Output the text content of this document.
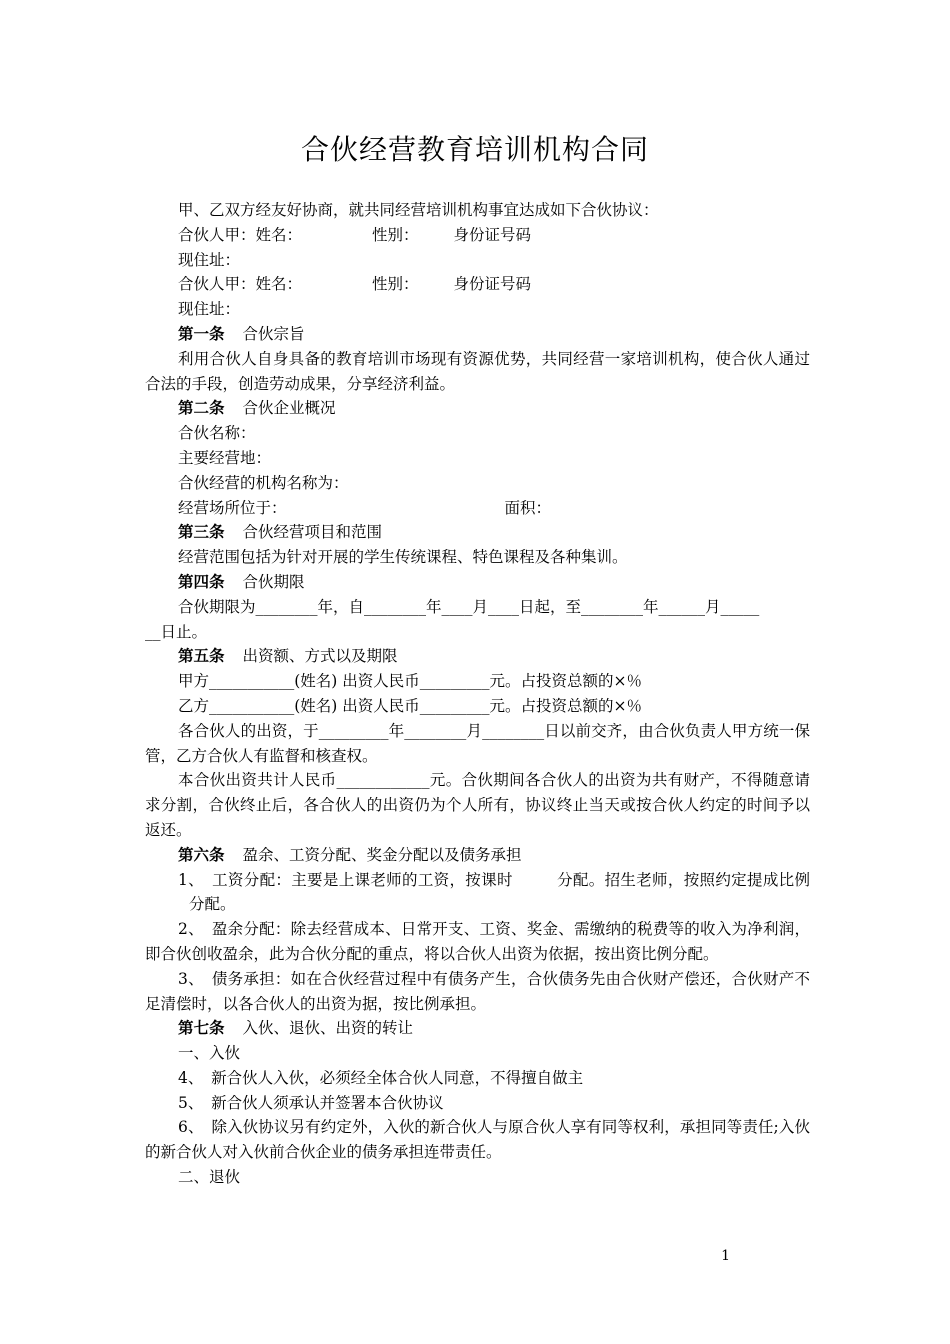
合伙经营教育培训机构合同

甲、乙双方经友好协商，就共同经营培训机构事宜达成如下合伙协议：

合伙人甲：姓名：	性别： 身份证号码

现住址：

合伙人甲：姓名：	性别： 身份证号码

现住址：

第一条 合伙宗旨

利用合伙人自身具备的教育培训市场现有资源优势，共同经营一家培训机构，使合伙人通过合法的手段，创造劳动成果，分享经济利益。

第二条 合伙企业概况

合伙名称：

主要经营地：

合伙经营的机构名称为：

经营场所位于：	面积：

第三条 合伙经营项目和范围

经营范围包括为针对开展的学生传统课程、特色课程及各种集训。

第四条 合伙期限

合伙期限为________年，自________年____月____日起，至________年______月_____

__日止。

第五条 出资额、方式以及期限

甲方___________(姓名) 出资人民币_________元。占投资总额的×％

乙方___________(姓名) 出资人民币_________元。占投资总额的×％

各合伙人的出资，于_________年________月________日以前交齐，由合伙负责人甲方统一保管，乙方合伙人有监督和核查权。

本合伙出资共计人民币____________元。合伙期间各合伙人的出资为共有财产，不得随意请求分割，合伙终止后，各合伙人的出资仍为个人所有，协议终止当天或按合伙人约定的时间予以返还。

第六条 盈余、工资分配、奖金分配以及债务承担

1、　工资分配：主要是上课老师的工资，按课时	分配。招生老师，按照约定提成比例分配。

2、　盈余分配：除去经营成本、日常开支、工资、奖金、需缴纳的税费等的收入为净利润，即合伙创收盈余，此为合伙分配的重点，将以合伙人出资为依据，按出资比例分配。

3、　债务承担：如在合伙经营过程中有债务产生，合伙债务先由合伙财产偿还，合伙财产不足清偿时，以各合伙人的出资为据，按比例承担。

第七条 入伙、退伙、出资的转让

一、入伙

4、　新合伙人入伙，必须经全体合伙人同意，不得擅自做主

5、　新合伙人须承认并签署本合伙协议

6、　除入伙协议另有约定外，入伙的新合伙人与原合伙人享有同等权利，承担同等责任;入伙的新合伙人对入伙前合伙企业的债务承担连带责任。

二、退伙

1
